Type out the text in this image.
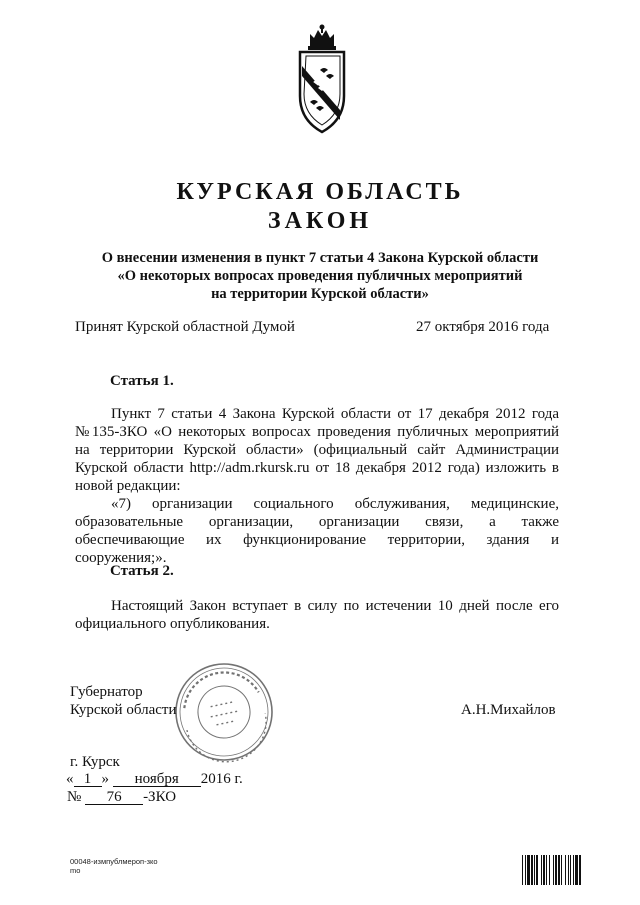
КУРСКАЯ ОБЛАСТЬ
ЗАКОН
О внесении изменения в пункт 7 статьи 4 Закона Курской области
«О некоторых вопросах проведения публичных мероприятий
на территории Курской области»
Принят Курской областной Думой	27 октября 2016 года
Статья 1.

Пункт 7 статьи 4 Закона Курской области от 17 декабря 2012 года №135-ЗКО «О некоторых вопросах проведения публичных мероприятий на территории Курской области» (официальный сайт Администрации Курской области http://adm.rkursk.ru от 18 декабря 2012 года) изложить в новой редакции:

«7) организации социального обслуживания, медицинские, образовательные организации, организации связи, а также обеспечивающие их функционирование территории, здания и сооружения;».

Статья 2.

Настоящий Закон вступает в силу по истечении 10 дней после его официального опубликования.

Губернатор
Курской области	А.Н.Михайлов
г. Курск
« 1 » ноября 2016 г.
№ 76 -ЗКО
00048-измпублмероп-зко
mo
